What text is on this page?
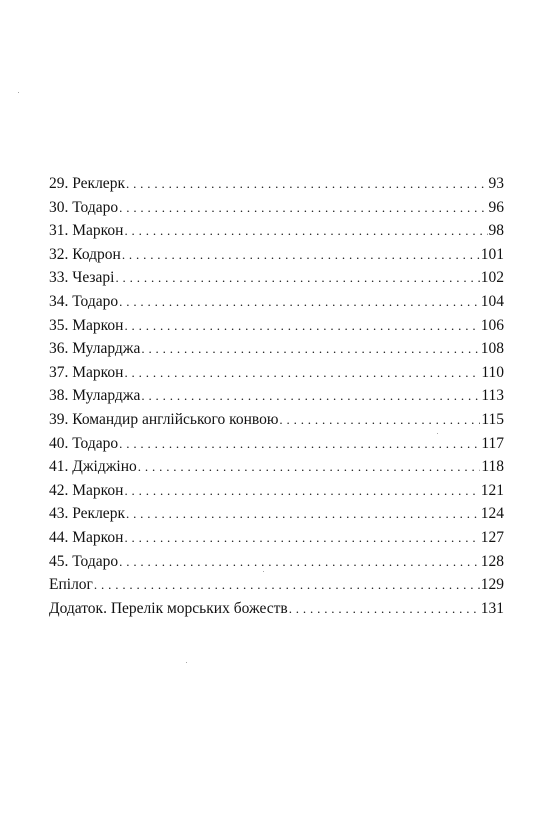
29. Реклерк . . .	93
30. Тодаро . . .	96
31. Маркон . . .	98
32. Кодрон . . .	101
33. Чезарі . . .	102
34. Тодаро . . .	104
35. Маркон . . .	106
36. Муларджа . . .	108
37. Маркон . . .	110
38. Муларджа . . .	113
39. Командир англійського конвою . . .	115
40. Тодаро . . .	117
41. Джіджіно . . .	118
42. Маркон . . .	121
43. Реклерк . . .	124
44. Маркон . . .	127
45. Тодаро . . .	128
Епілог . . .	129
Додаток. Перелік морських божеств . . .	131
